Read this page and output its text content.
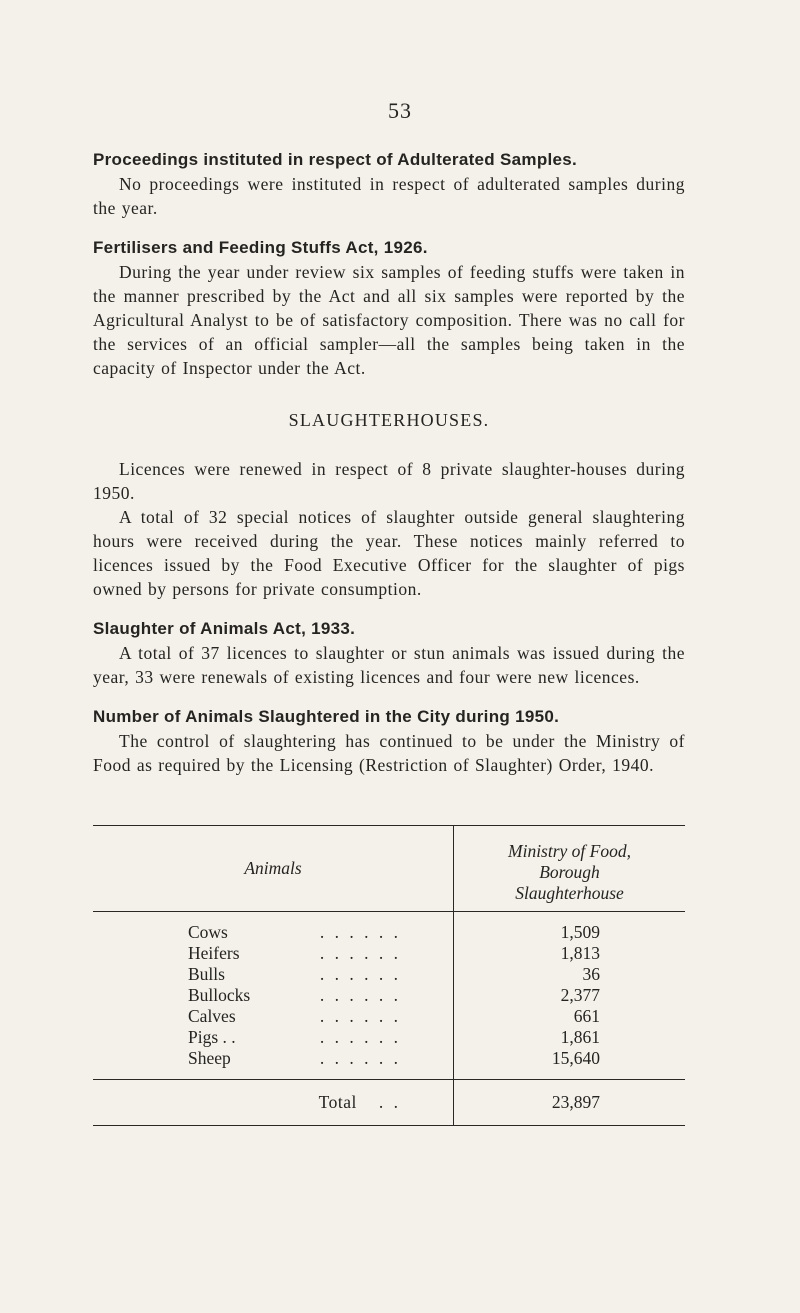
53

Proceedings instituted in respect of Adulterated Samples.

No proceedings were instituted in respect of adulterated samples during the year.

Fertilisers and Feeding Stuffs Act, 1926.

During the year under review six samples of feeding stuffs were taken in the manner prescribed by the Act and all six samples were reported by the Agricultural Analyst to be of satisfactory composition. There was no call for the services of an official sampler—all the samples being taken in the capacity of Inspector under the Act.

SLAUGHTERHOUSES.

Licences were renewed in respect of 8 private slaughter-houses during 1950.

A total of 32 special notices of slaughter outside general slaughtering hours were received during the year. These notices mainly referred to licences issued by the Food Executive Officer for the slaughter of pigs owned by persons for private consumption.

Slaughter of Animals Act, 1933.

A total of 37 licences to slaughter or stun animals was issued during the year, 33 were renewals of existing licences and four were new licences.

Number of Animals Slaughtered in the City during 1950.

The control of slaughtering has continued to be under the Ministry of Food as required by the Licensing (Restriction of Slaughter) Order, 1940.

Animals	Ministry of Food,
Borough
Slaughterhouse

Cows . . . . . .	1,509
Heifers . . . . . .	1,813
Bulls . . . . . .	36
Bullocks . . . . . .	2,377
Calves . . . . . .	661
Pigs . . . . . . . .	1,861
Sheep . . . . . .	15,640
Total . .	23,897
